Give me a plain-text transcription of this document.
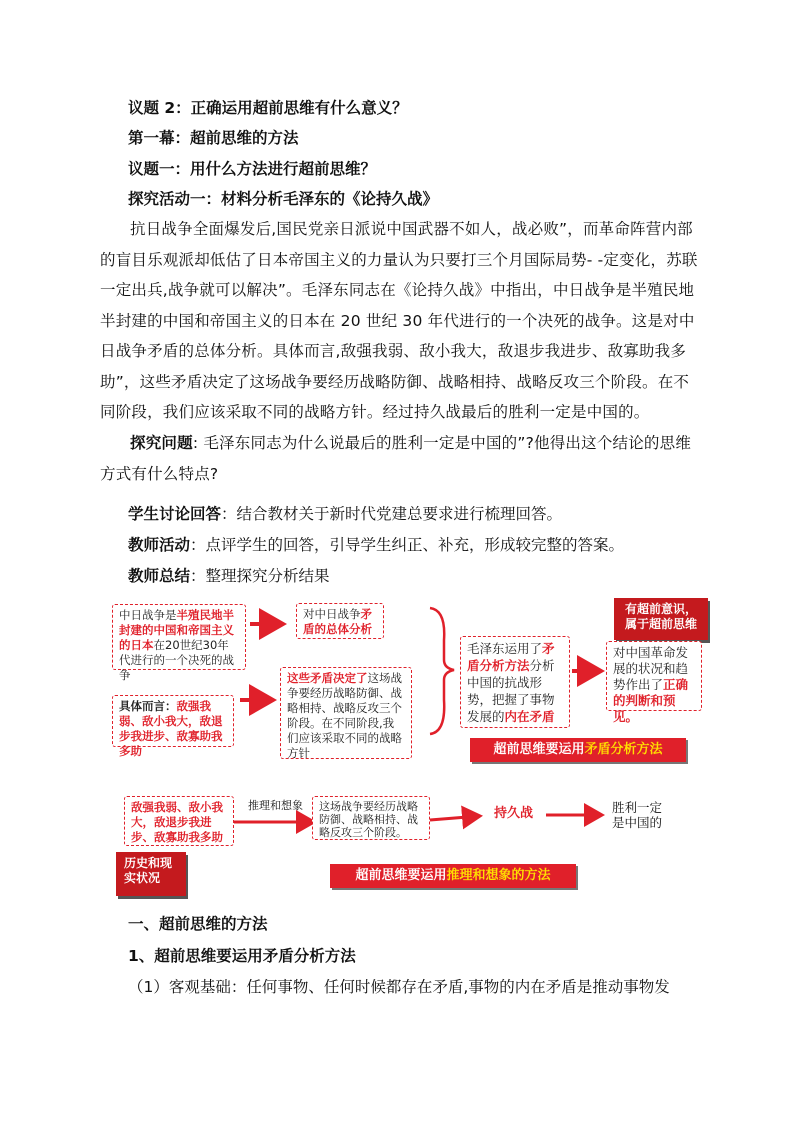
议题 2：正确运用超前思维有什么意义？
第一幕：超前思维的方法
议题一：用什么方法进行超前思维？
探究活动一：材料分析毛泽东的《论持久战》
抗日战争全面爆发后,国民党亲日派说中国武器不如人，战必败”，而革命阵营内部的盲目乐观派却低估了日本帝国主义的力量认为只要打三个月国际局势- -定变化，苏联一定出兵,战争就可以解决”。毛泽东同志在《论持久战》中指出，中日战争是半殖民地半封建的中国和帝国主义的日本在 20 世纪 30 年代进行的一个决死的战争。这是对中日战争矛盾的总体分析。具体而言,敌强我弱、敌小我大，敌退步我进步、敌寡助我多助”，这些矛盾决定了这场战争要经历战略防御、战略相持、战略反攻三个阶段。在不同阶段，我们应该采取不同的战略方针。经过持久战最后的胜利一定是中国的。
探究问题: 毛泽东同志为什么说最后的胜利一定是中国的”?他得出这个结论的思维方式有什么特点?
学生讨论回答：结合教材关于新时代党建总要求进行梳理回答。
教师活动：点评学生的回答，引导学生纠正、补充，形成较完整的答案。
教师总结：整理探究分析结果
中日战争是半殖民地半封建的中国和帝国主义的日本在20世纪30年代进行的一个决死的战争
对中日战争矛盾的总体分析
具体而言：敌强我弱、敌小我大，敌退步我进步、敌寡助我多助
这些矛盾决定了这场战争要经历战略防御、战略相持、战略反攻三个阶段。在不同阶段,我们应该采取不同的战略方针
毛泽东运用了矛盾分析方法分析中国的抗战形势，把握了事物发展的内在矛盾
有超前意识，属于超前思维
对中国革命发展的状况和趋势作出了正确的判断和预见。
超前思维要运用矛盾分析方法
敌强我弱、敌小我大，敌退步我进步、敌寡助我多助
推理和想象	这场战争要经历战略防御、战略相持、战略反攻三个阶段。
持久战	胜利一定是中国的
历史和现实状况	超前思维要运用推理和想象的方法
一、超前思维的方法
1、超前思维要运用矛盾分析方法
（1）客观基础：任何事物、任何时候都存在矛盾,事物的内在矛盾是推动事物发
